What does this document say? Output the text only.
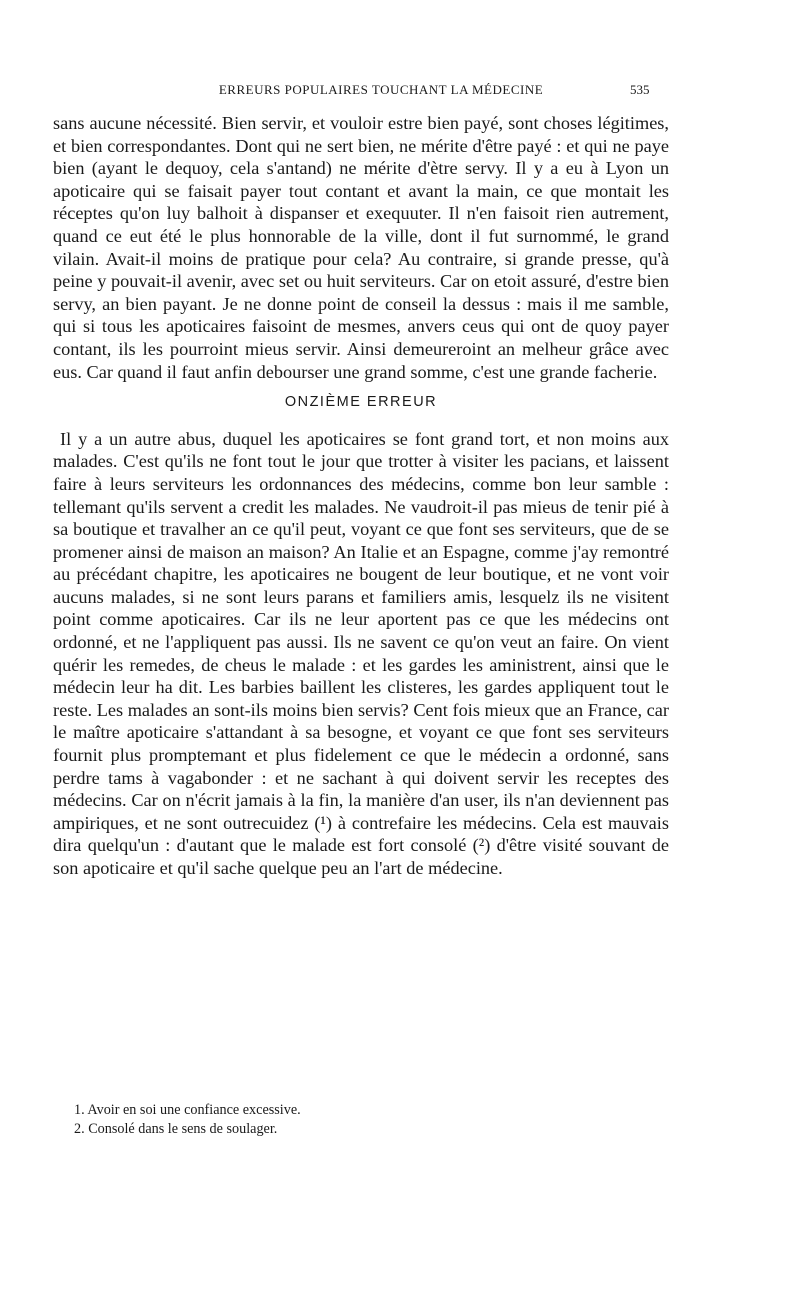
ERREURS POPULAIRES TOUCHANT LA MÉDECINE	535

sans aucune nécessité. Bien servir, et vouloir estre bien payé, sont choses légitimes, et bien correspondantes. Dont qui ne sert bien, ne mérite d'être payé : et qui ne paye bien (ayant le dequoy, cela s'antand) ne mérite d'ètre servy. Il y a eu à Lyon un apoticaire qui se faisait payer tout contant et avant la main, ce que montait les réceptes qu'on luy balhoit à dispanser et exequuter. Il n'en faisoit rien autrement, quand ce eut été le plus honnorable de la ville, dont il fut surnommé, le grand vilain. Avait-il moins de pratique pour cela? Au contraire, si grande presse, qu'à peine y pouvait-il avenir, avec set ou huit serviteurs. Car on etoit assuré, d'estre bien servy, an bien payant. Je ne donne point de conseil la dessus : mais il me samble, qui si tous les apoticaires faisoint de mesmes, anvers ceus qui ont de quoy payer contant, ils les pourroint mieus servir. Ainsi demeureroint an melheur grâce avec eus. Car quand il faut anfin debourser une grand somme, c'est une grande facherie.

ONZIÈME ERREUR

Il y a un autre abus, duquel les apoticaires se font grand tort, et non moins aux malades. C'est qu'ils ne font tout le jour que trotter à visiter les pacians, et laissent faire à leurs serviteurs les ordonnances des médecins, comme bon leur samble : tellemant qu'ils servent a credit les malades. Ne vaudroit-il pas mieus de tenir pié à sa boutique et travalher an ce qu'il peut, voyant ce que font ses serviteurs, que de se promener ainsi de maison an maison? An Italie et an Espagne, comme j'ay remontré au précédant chapitre, les apoticaires ne bougent de leur boutique, et ne vont voir aucuns malades, si ne sont leurs parans et familiers amis, lesquelz ils ne visitent point comme apoticaires. Car ils ne leur aportent pas ce que les médecins ont ordonné, et ne l'appliquent pas aussi. Ils ne savent ce qu'on veut an faire. On vient quérir les remedes, de cheus le malade : et les gardes les aministrent, ainsi que le médecin leur ha dit. Les barbies baillent les clisteres, les gardes appliquent tout le reste. Les malades an sont-ils moins bien servis? Cent fois mieux que an France, car le maître apoticaire s'attandant à sa besogne, et voyant ce que font ses serviteurs fournit plus promptemant et plus fidelement ce que le médecin a ordonné, sans perdre tams à vagabonder : et ne sachant à qui doivent servir les receptes des médecins. Car on n'écrit jamais à la fin, la manière d'an user, ils n'an deviennent pas ampiriques, et ne sont outrecuidez (¹) à contrefaire les médecins. Cela est mauvais dira quelqu'un : d'autant que le malade est fort consolé (²) d'être visité souvant de son apoticaire et qu'il sache quelque peu an l'art de médecine.

1. Avoir en soi une confiance excessive.

2. Consolé dans le sens de soulager.
